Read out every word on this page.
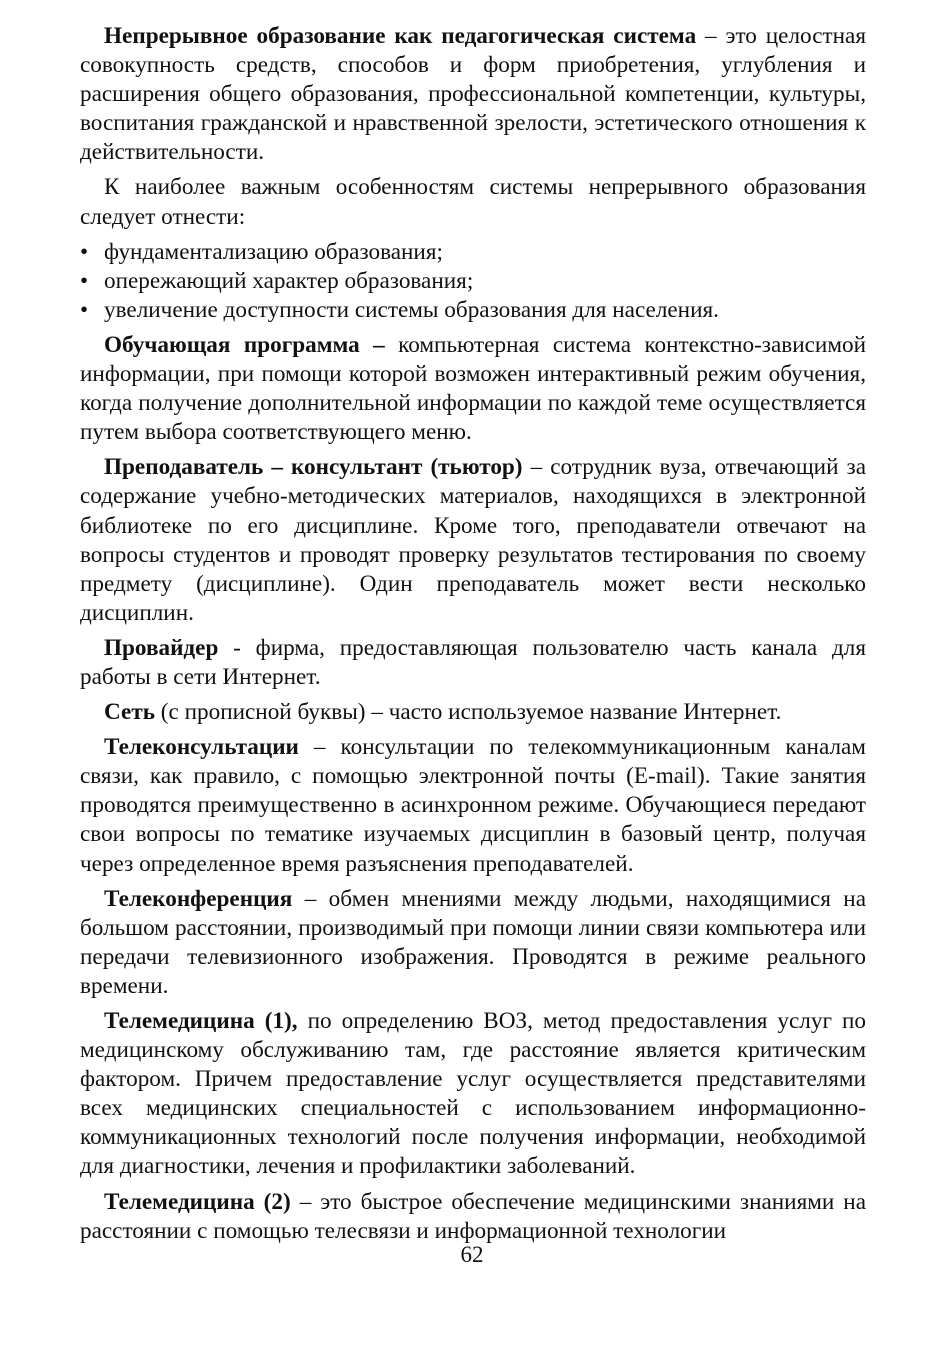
Непрерывное образование как педагогическая система – это целостная совокупность средств, способов и форм приобретения, углубления и расширения общего образования, профессиональной компетенции, культуры, воспитания гражданской и нравственной зрелости, эстетического отношения к действительности.

К наиболее важным особенностям системы непрерывного образования следует отнести:

• фундаментализацию образования;
• опережающий характер образования;
• увеличение доступности системы образования для населения.

Обучающая программа – компьютерная система контекстно-зависимой информации, при помощи которой возможен интерактивный режим обучения, когда получение дополнительной информации по каждой теме осуществляется путем выбора соответствующего меню.

Преподаватель – консультант (тьютор) – сотрудник вуза, отвечающий за содержание учебно-методических материалов, находящихся в электронной библиотеке по его дисциплине. Кроме того, преподаватели отвечают на вопросы студентов и проводят проверку результатов тестирования по своему предмету (дисциплине). Один преподаватель может вести несколько дисциплин.

Провайдер - фирма, предоставляющая пользователю часть канала для работы в сети Интернет.

Сеть (с прописной буквы) – часто используемое название Интернет.

Телеконсультации – консультации по телекоммуникационным каналам связи, как правило, с помощью электронной почты (E-mail). Такие занятия проводятся преимущественно в асинхронном режиме. Обучающиеся передают свои вопросы по тематике изучаемых дисциплин в базовый центр, получая через определенное время разъяснения преподавателей.

Телеконференция – обмен мнениями между людьми, находящимися на большом расстоянии, производимый при помощи линии связи компьютера или передачи телевизионного изображения. Проводятся в режиме реального времени.

Телемедицина (1), по определению ВОЗ, метод предоставления услуг по медицинскому обслуживанию там, где расстояние является критическим фактором. Причем предоставление услуг осуществляется представителями всех медицинских специальностей с использованием информационно-коммуникационных технологий после получения информации, необходимой для диагностики, лечения и профилактики заболеваний.

Телемедицина (2) – это быстрое обеспечение медицинскими знаниями на расстоянии с помощью телесвязи и информационной технологии

62
